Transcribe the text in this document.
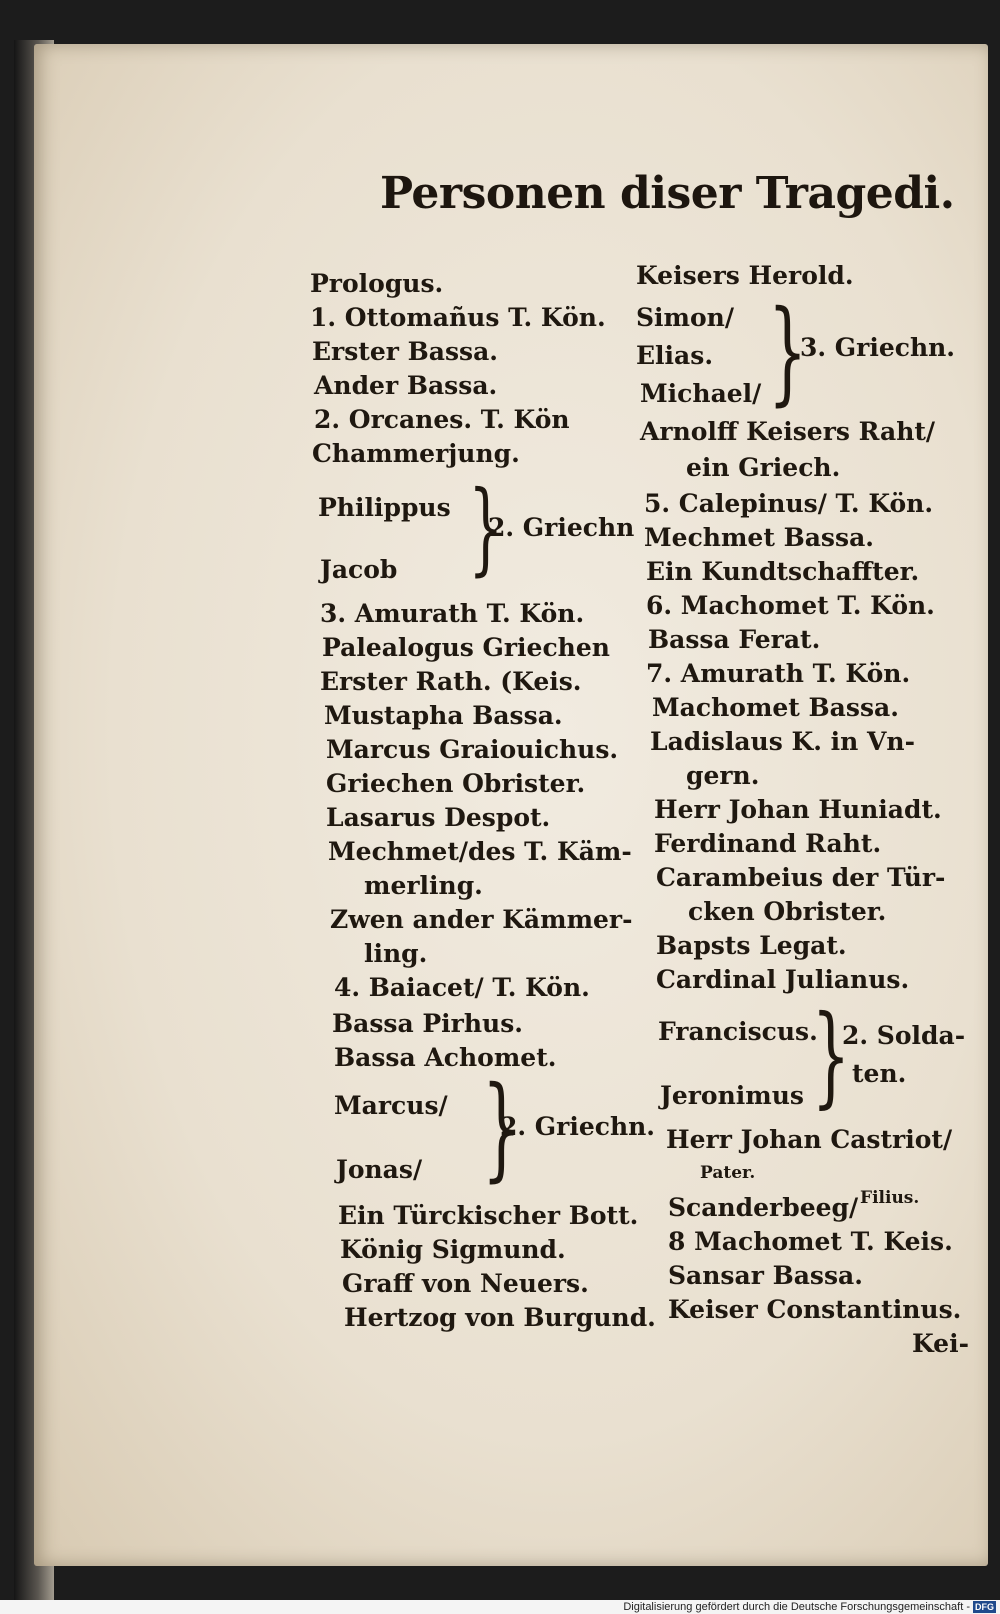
Personen diser Tragedi.
Prologus.
1. Ottomañus T. Kön.
Erster Bassa.
Ander Bassa.
2. Orcanes. T. Kön
Chammerjung.
Philippus
Jacob }
2. Griechn
3. Amurath T. Kön.
Palealogus Griechen
Erster Rath. (Keis.
Mustapha Bassa.
Marcus Graiouichus.
Griechen Obrister.
Lasarus Despot.
Mechmet/des T. Käm-
merling.
Zwen ander Kämmer-
ling.
4. Baiacet/ T. Kön.
Bassa Pirhus.
Bassa Achomet.
Marcus/
Jonas/ }
2. Griechn.
Ein Türckischer Bott.
König Sigmund.
Graff von Neuers.
Hertzog von Burgund.
Keisers Herold.
Simon/
Elias.
Michael/ }
3. Griechn.
Arnolff Keisers Raht/
ein Griech.
5. Calepinus/ T. Kön.
Mechmet Bassa.
Ein Kundtschaffter.
6. Machomet T. Kön.
Bassa Ferat.
7. Amurath T. Kön.
Machomet Bassa.
Ladislaus K. in Vn-
gern.
Herr Johan Huniadt.
Ferdinand Raht.
Carambeius der Tür-
cken Obrister.
Bapsts Legat.
Cardinal Julianus.
Franciscus.
Jeronimus }
2. Solda-
ten.
Herr Johan Castriot/
Pater.
Scanderbeeg/ Filius.
8 Machomet T. Keis.
Sansar Bassa.
Keiser Constantinus.
Kei-
Digitalisierung gefördert durch die Deutsche Forschungsgemeinschaft - DFG
